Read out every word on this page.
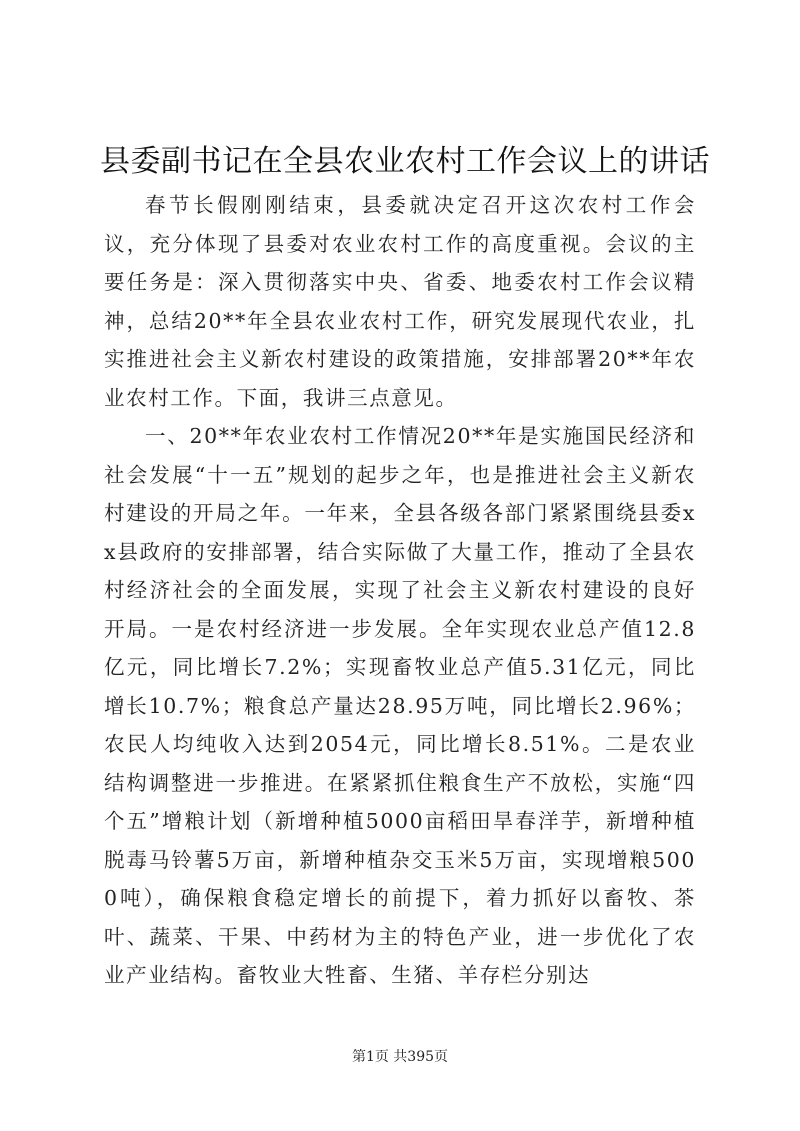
县委副书记在全县农业农村工作会议上的讲话

春节长假刚刚结束，县委就决定召开这次农村工作会议，充分体现了县委对农业农村工作的高度重视。会议的主要任务是：深入贯彻落实中央、省委、地委农村工作会议精神，总结20**年全县农业农村工作，研究发展现代农业，扎实推进社会主义新农村建设的政策措施，安排部署20**年农业农村工作。下面，我讲三点意见。

一、20**年农业农村工作情况20**年是实施国民经济和社会发展“十一五”规划的起步之年，也是推进社会主义新农村建设的开局之年。一年来，全县各级各部门紧紧围绕县委xx县政府的安排部署，结合实际做了大量工作，推动了全县农村经济社会的全面发展，实现了社会主义新农村建设的良好开局。一是农村经济进一步发展。全年实现农业总产值12.8亿元，同比增长7.2%；实现畜牧业总产值5.31亿元，同比增长10.7%；粮食总产量达28.95万吨，同比增长2.96%；农民人均纯收入达到2054元，同比增长8.51%。二是农业结构调整进一步推进。在紧紧抓住粮食生产不放松，实施“四个五”增粮计划（新增种植5000亩稻田旱春洋芋，新增种植脱毒马铃薯5万亩，新增种植杂交玉米5万亩，实现增粮5000吨），确保粮食稳定增长的前提下，着力抓好以畜牧、茶叶、蔬菜、干果、中药材为主的特色产业，进一步优化了农业产业结构。畜牧业大牲畜、生猪、羊存栏分别达

第1页 共395页
